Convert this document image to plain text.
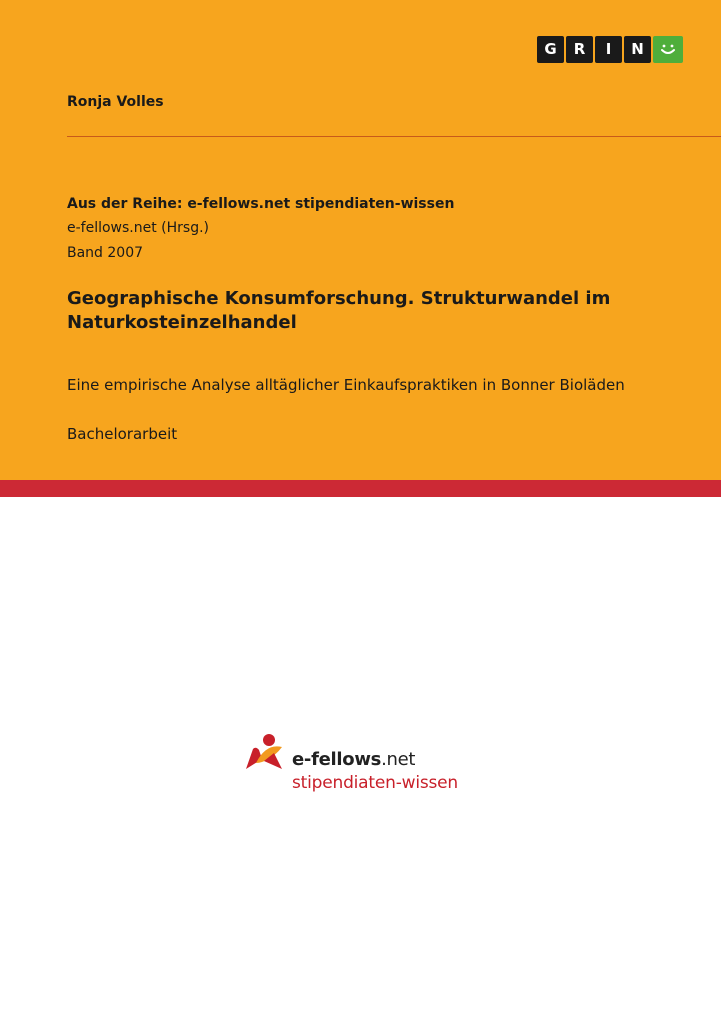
G	R	I	N
Ronja Volles
Aus der Reihe: e-fellows.net stipendiaten-wissen
e-fellows.net (Hrsg.)
Band 2007
Geographische Konsumforschung. Strukturwandel im Naturkosteinzelhandel
Eine empirische Analyse alltäglicher Einkaufspraktiken in Bonner Bioläden
Bachelorarbeit
e-fellows.net
stipendiaten-wissen
